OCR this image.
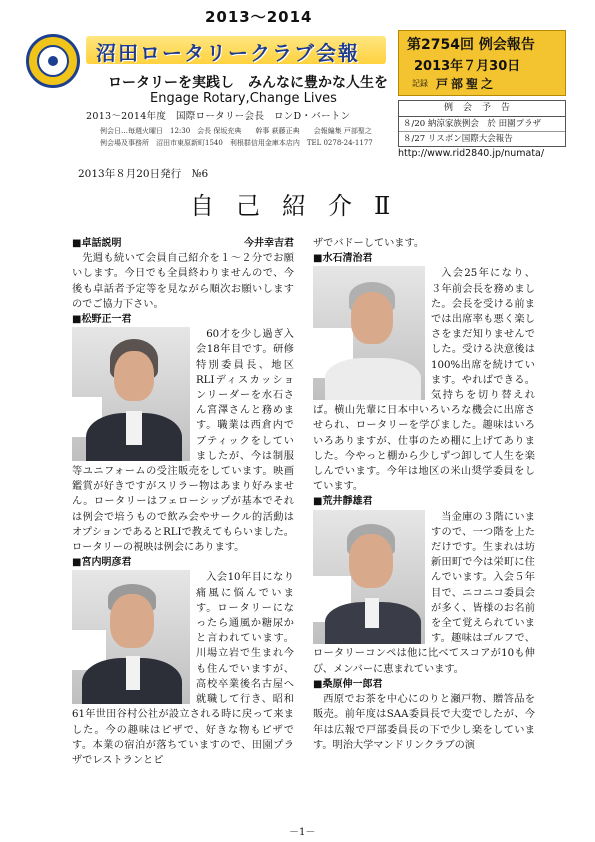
2013～2014
沼田ロータリークラブ会報
ロータリーを実践し　みんなに豊かな人生を
Engage Rotary,Change Lives
2013～2014年度　国際ロータリー会長　ロンD・バートン
例会日…毎週火曜日　12:30　会長 保坂充典　　幹事 萩藤正典　　会報編集 戸部聖之
例会場及事務所　沼田市東原新町1540　利根群信用金庫本店内　TEL 0278-24-1177
第2754回 例会報告
2013年７月30日
記録 戸部聖之
例会予告
８/20 納涼家族例会　於 田園プラザ
８/27 リスボン国際大会報告
http://www.rid2840.jp/numata/
2013年８月20日発行　№6
自己紹介Ⅱ
■卓話説明	今井幸吉君
先週も続いて会員自己紹介を１～２分でお願いします。今日でも全員終わりませんので、今後も卓話者予定等を見ながら順次お願いしますのでご協力下さい。
■松野正一君
60才を少し過ぎ入会18年目です。研修特別委員長、地区RLIディスカッションリーダーを水石さん宮澤さんと務めます。職業は西倉内でブティックをしていましたが、今は制服等ユニフォームの受注販売をしています。映画鑑賞が好きですがスリラー物はあまり好みません。ロータリーはフェローシップが基本でそれは例会で培うもので飲み会やサークル的活動はオプションであるとRLIで教えてもらいました。ロータリーの視映は例会にあります。
■宮内明彦君
入会10年目になり痛風に悩んでいます。ロータリーになったら通風か糖尿かと言われています。川場立岩で生まれ今も住んでいますが、高校卒業後名古屋へ就職して行き、昭和61年世田谷村公社が設立される時に戻って来ました。今の趣味はピザで、好きな物もピザです。本業の宿泊が落ちていますので、田園プラザでレストランとピ
ザでバドーしています。
■水石清治君
入会25年になり、３年前会長を務めました。会長を受ける前までは出席率も悪く楽しさをまだ知りませんでした。受ける決意後は100%出席を続けています。やればできる。気持ちを切り替えれば。横山先輩に日本中いろいろな機会に出席させられ、ロータリーを学びました。趣味はいろいろありますが、仕事のため棚に上げてありました。今やっと棚から少しずつ卸して人生を楽しんでいます。今年は地区の米山奨学委員をしています。
■荒井靜雄君
当金庫の３階にいますので、一つ階を上ただけです。生まれは坊新田町で今は栄町に住んでいます。入会５年目で、ニコニコ委員会が多く、皆様のお名前を全て覚えられています。趣味はゴルフで、ロータリーコンペは他に比べてスコアが10も伸び、メンバーに恵まれています。
■桑原伸一郎君
西原でお茶を中心にのりと瀬戸物、贈答品を販売。前年度はSAA委員長で大変でしたが、今年は広報で戸部委員長の下で少し楽をしています。明治大学マンドリンクラブの演
－1－
